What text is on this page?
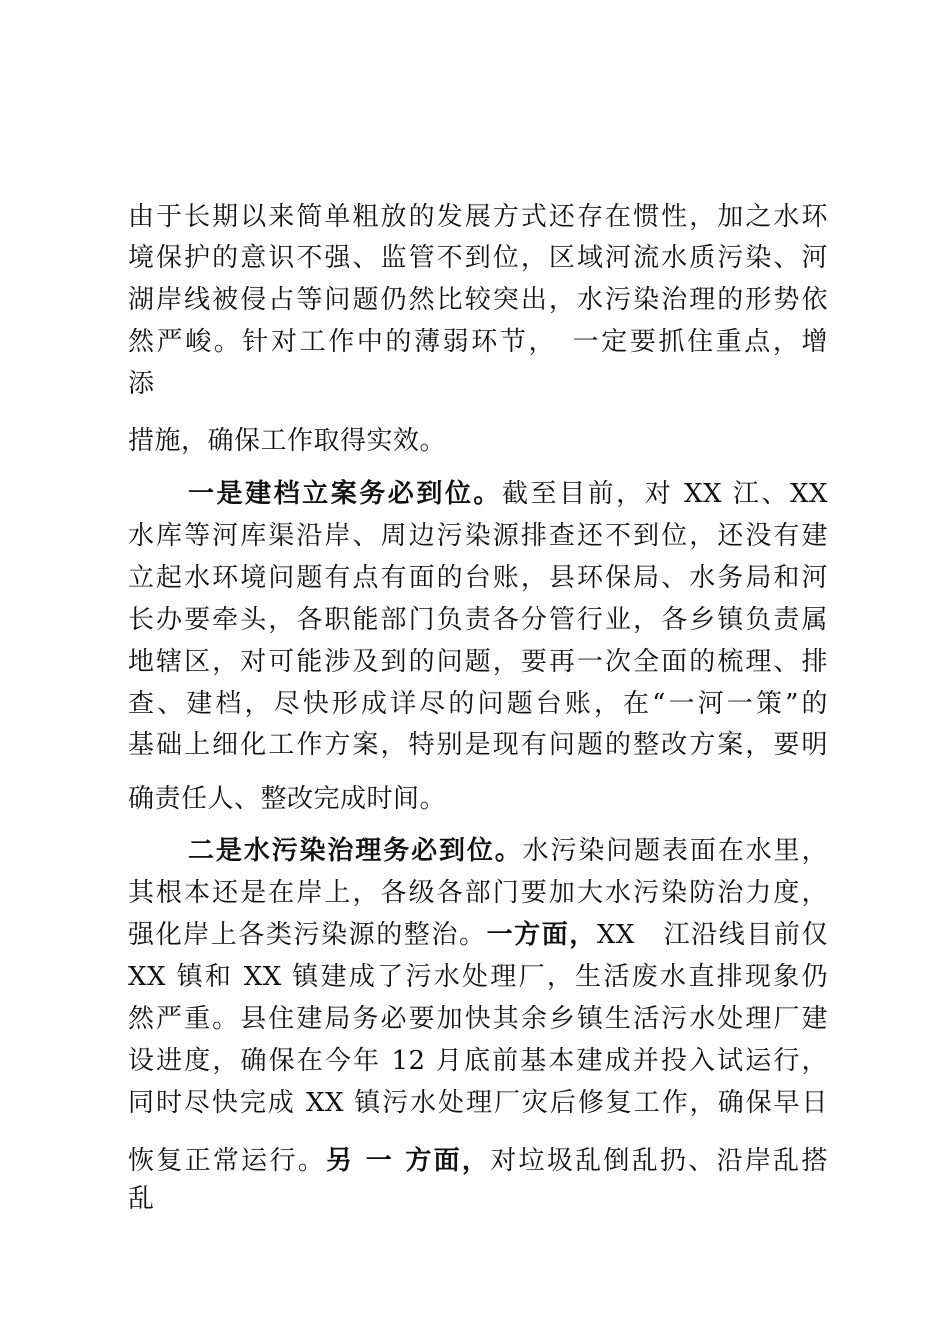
由于长期以来简单粗放的发展方式还存在惯性，加之水环

境保护的意识不强、监管不到位，区域河流水质污染、河

湖岸线被侵占等问题仍然比较突出，水污染治理的形势依

然严峻。针对工作中的薄弱环节，　一定要抓住重点，增

添

措施，确保工作取得实效。

一是建档立案务必到位。截至目前，对 XX 江、XX

水库等河库渠沿岸、周边污染源排查还不到位，还没有建

立起水环境问题有点有面的台账，县环保局、水务局和河

长办要牵头，各职能部门负责各分管行业，各乡镇负责属

地辖区，对可能涉及到的问题，要再一次全面的梳理、排

查、建档，尽快形成详尽的问题台账，在“一河一策”的

基础上细化工作方案，特别是现有问题的整改方案，要明

确责任人、整改完成时间。

二是水污染治理务必到位。水污染问题表面在水里，

其根本还是在岸上，各级各部门要加大水污染防治力度，

强化岸上各类污染源的整治。一方面，XX　江沿线目前仅

XX 镇和 XX 镇建成了污水处理厂，生活废水直排现象仍

然严重。县住建局务必要加快其余乡镇生活污水处理厂建

设进度，确保在今年 12 月底前基本建成并投入试运行，

同时尽快完成 XX 镇污水处理厂灾后修复工作，确保早日

恢复正常运行。另 一 方面，对垃圾乱倒乱扔、沿岸乱搭

乱
